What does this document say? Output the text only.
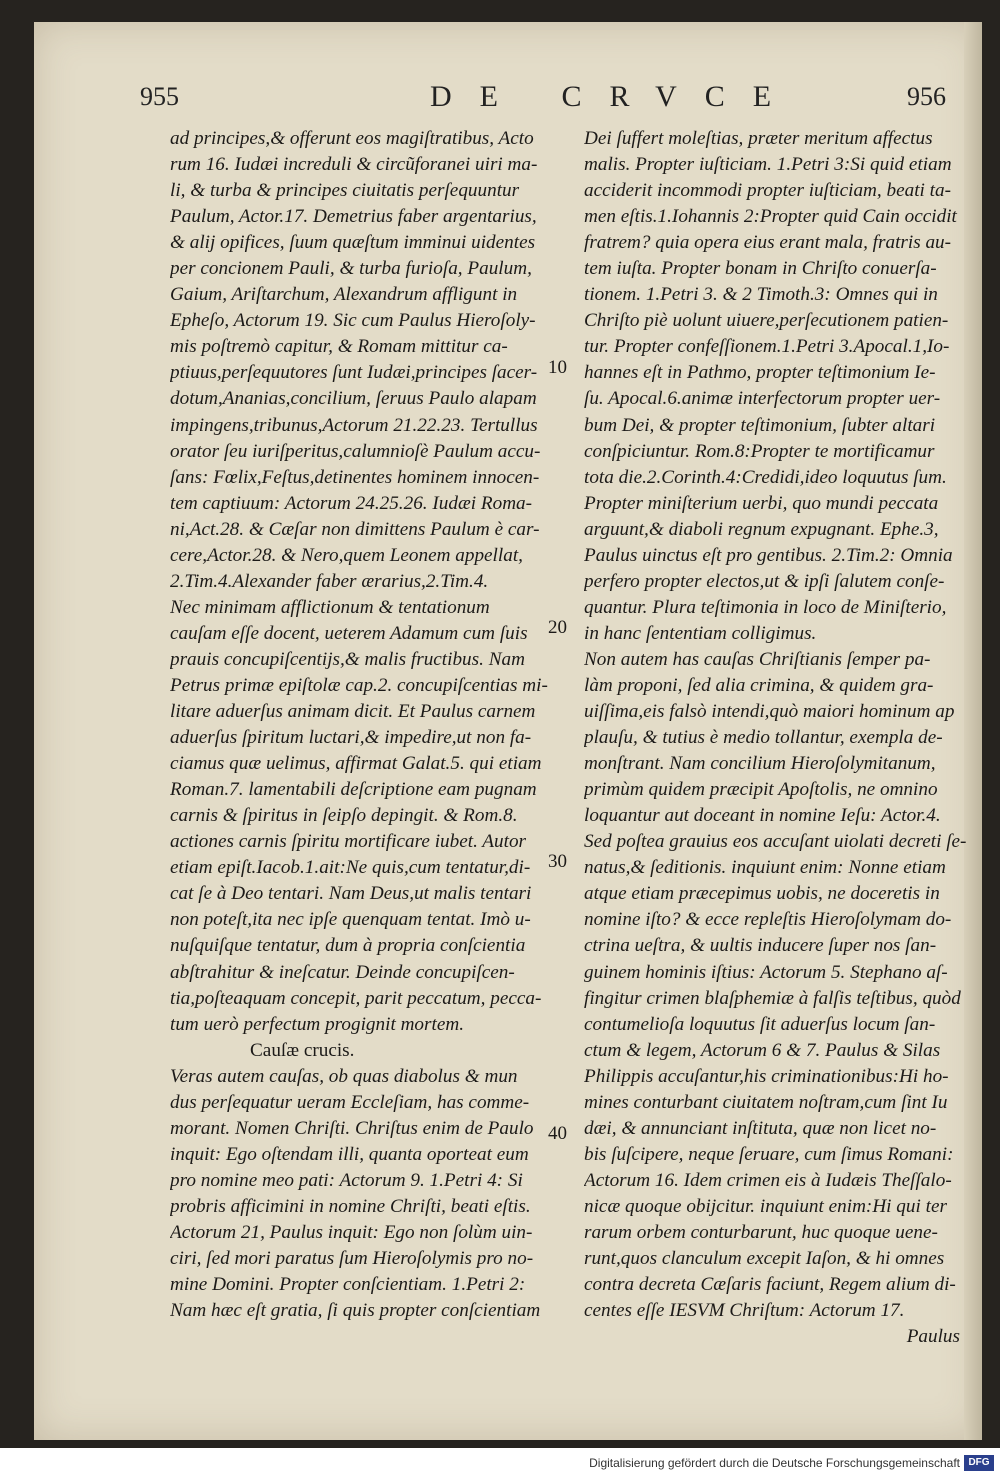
955	DE CRVCE	956
ad principes,& offerunt eos magiſtratibus, Acto
rum 16. Iudæi increduli & circũforanei uiri ma-
li, & turba & principes ciuitatis perſequuntur
Paulum, Actor.17. Demetrius faber argentarius,
& alij opifices, ſuum quæſtum imminui uidentes
per concionem Pauli, & turba furioſa, Paulum,
Gaium, Ariſtarchum, Alexandrum affligunt in
Epheſo, Actorum 19. Sic cum Paulus Hieroſoly-
mis poſtremò capitur, & Romam mittitur ca-
ptiuus,perſequutores ſunt Iudæi,principes ſacer-
dotum,Ananias,concilium, ſeruus Paulo alapam
impingens,tribunus,Actorum 21.22.23. Tertullus
orator ſeu iuriſperitus,calumnioſè Paulum accu-
ſans: Fœlix,Feſtus,detinentes hominem innocen-
tem captiuum: Actorum 24.25.26. Iudæi Roma-
ni,Act.28. & Cæſar non dimittens Paulum è car-
cere,Actor.28. & Nero,quem Leonem appellat,
2.Tim.4.Alexander faber ærarius,2.Tim.4.
Nec minimam afflictionum & tentationum
cauſam eſſe docent, ueterem Adamum cum ſuis
prauis concupiſcentijs,& malis fructibus. Nam
Petrus primæ epiſtolæ cap.2. concupiſcentias mi-
litare aduerſus animam dicit. Et Paulus carnem
aduerſus ſpiritum luctari,& impedire,ut non fa-
ciamus quæ uelimus, affirmat Galat.5. qui etiam
Roman.7. lamentabili deſcriptione eam pugnam
carnis & ſpiritus in ſeipſo depingit. & Rom.8.
actiones carnis ſpiritu mortificare iubet. Autor
etiam epiſt.Iacob.1.ait:Ne quis,cum tentatur,di-
cat ſe à Deo tentari. Nam Deus,ut malis tentari
non poteſt,ita nec ipſe quenquam tentat. Imò u-
nuſquiſque tentatur, dum à propria conſcientia
abſtrahitur & ineſcatur. Deinde concupiſcen-
tia,poſteaquam concepit, parit peccatum, pecca-
tum uerò perfectum progignit mortem.
Cauſæ crucis.
Veras autem cauſas, ob quas diabolus & mun
dus perſequatur ueram Eccleſiam, has comme-
morant. Nomen Chriſti. Chriſtus enim de Paulo
inquit: Ego oſtendam illi, quanta oporteat eum
pro nomine meo pati: Actorum 9. 1.Petri 4: Si
probris afficimini in nomine Chriſti, beati eſtis.
Actorum 21, Paulus inquit: Ego non ſolùm uin-
ciri, ſed mori paratus ſum Hieroſolymis pro no-
mine Domini. Propter conſcientiam. 1.Petri 2:
Nam hæc eſt gratia, ſi quis propter conſcientiam
Dei ſuffert moleſtias, præter meritum affectus
malis. Propter iuſticiam. 1.Petri 3:Si quid etiam
acciderit incommodi propter iuſticiam, beati ta-
men eſtis.1.Iohannis 2:Propter quid Cain occidit
fratrem? quia opera eius erant mala, fratris au-
tem iuſta. Propter bonam in Chriſto conuerſa-
tionem. 1.Petri 3. & 2 Timoth.3: Omnes qui in
Chriſto piè uolunt uiuere,perſecutionem patien-
tur. Propter confeſſionem.1.Petri 3.Apocal.1,Io-
hannes eſt in Pathmo, propter teſtimonium Ie-
ſu. Apocal.6.animæ interfectorum propter uer-
bum Dei, & propter teſtimonium, ſubter altari
conſpiciuntur. Rom.8:Propter te mortificamur
tota die.2.Corinth.4:Credidi,ideo loquutus ſum.
Propter miniſterium uerbi, quo mundi peccata
arguunt,& diaboli regnum expugnant. Ephe.3,
Paulus uinctus eſt pro gentibus. 2.Tim.2: Omnia
perfero propter electos,ut & ipſi ſalutem conſe-
quantur. Plura teſtimonia in loco de Miniſterio,
in hanc ſententiam colligimus.
Non autem has cauſas Chriſtianis ſemper pa-
làm proponi, ſed alia crimina, & quidem gra-
uiſſima,eis falsò intendi,quò maiori hominum ap
plauſu, & tutius è medio tollantur, exempla de-
monſtrant. Nam concilium Hieroſolymitanum,
primùm quidem præcipit Apoſtolis, ne omnino
loquantur aut doceant in nomine Ieſu: Actor.4.
Sed poſtea grauius eos accuſant uiolati decreti ſe-
natus,& ſeditionis. inquiunt enim: Nonne etiam
atque etiam præcepimus uobis, ne doceretis in
nomine iſto? & ecce repleſtis Hieroſolymam do-
ctrina ueſtra, & uultis inducere ſuper nos ſan-
guinem hominis iſtius: Actorum 5. Stephano aſ-
fingitur crimen blaſphemiæ à falſis teſtibus, quòd
contumelioſa loquutus ſit aduerſus locum ſan-
ctum & legem, Actorum 6 & 7. Paulus & Silas
Philippis accuſantur,his criminationibus:Hi ho-
mines conturbant ciuitatem noſtram,cum ſint Iu
dæi, & annunciant inſtituta, quæ non licet no-
bis ſuſcipere, neque ſeruare, cum ſimus Romani:
Actorum 16. Idem crimen eis à Iudæis Theſſalo-
nicæ quoque obijcitur. inquiunt enim:Hi qui ter
rarum orbem conturbarunt, huc quoque uene-
runt,quos clanculum excepit Iaſon, & hi omnes
contra decreta Cæſaris faciunt, Regem alium di-
centes eſſe IESVM Chriſtum: Actorum 17.
Paulus
10
20
30
40
Digitalisierung gefördert durch die Deutsche Forschungsgemeinschaft DFG
